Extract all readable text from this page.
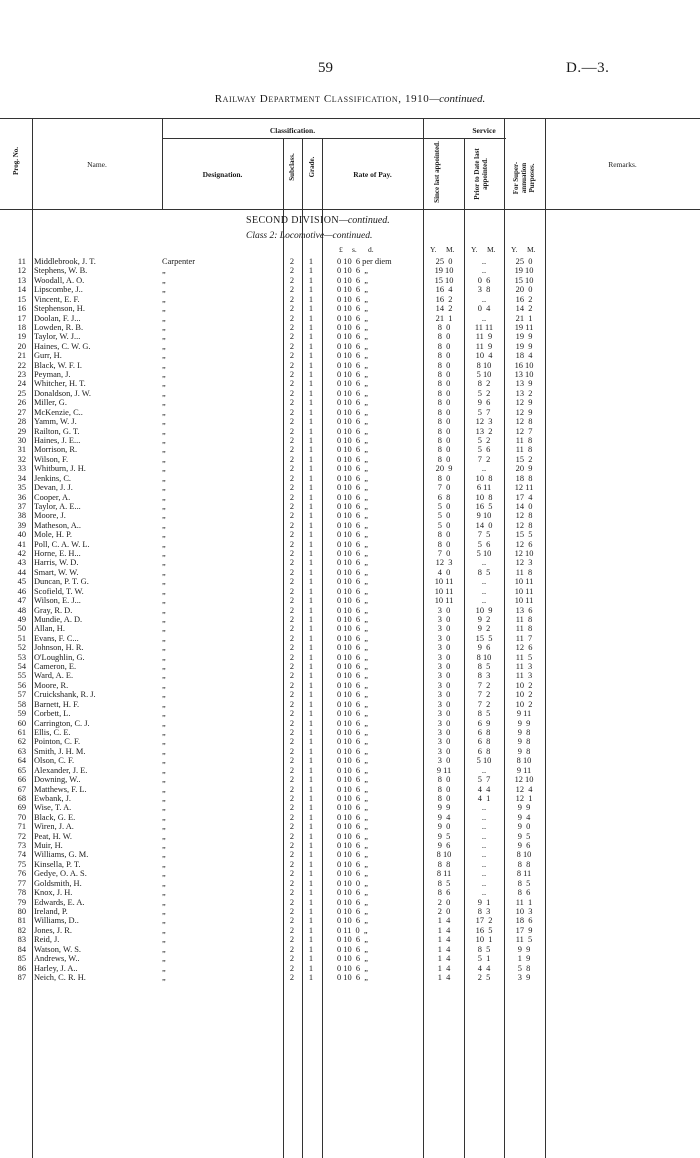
59	D.—3.
Railway Department Classification, 1910—continued.
Prog. No.	Name.
Classification.
Designation.	Subclass. Grade.	Rate of Pay.
Service
Since last appointed.	Prior to Date last appointed.	For Super-annuation Purposes.	Remarks.
SECOND DIVISION—continued.
Class 2: Locomotive—continued.
£ s. d.	Y. M. Y. M. Y. M.
11 Middlebrook, J. T.	Carpenter	2	1	0 10  6 per diem	25  0	..	25  0
12 Stephens, W. B.	„	2	1	0 10  6  „	19 10	..	19 10
13 Woodall, A. O.	„	2	1	0 10  6  „	15 10	0  6	15 10
14 Lipscombe, J..	„	2	1	0 10  6  „	16  4	3  8	20  0
15 Vincent, E. F.	„	2	1	0 10  6  „	16  2	..	16  2
16 Stephenson, H.	„	2	1	0 10  6  „	14  2	0  4	14  2
17 Doolan, F. J...	„	2	1	0 10  6  „	21  1	..	21  1
18 Lowden, R. B.	„	2	1	0 10  6  „	8  0	11 11	19 11
19 Taylor, W. J...	„	2	1	0 10  6  „	8  0	11  9	19  9
20 Haines, C. W. G.	„	2	1	0 10  6  „	8  0	11  9	19  9
21 Gurr, H.	„	2	1	0 10  6  „	8  0	10  4	18  4
22 Black, W. F. I.	„	2	1	0 10  6  „	8  0	8 10	16 10
23 Peyman, J.	„	2	1	0 10  6  „	8  0	5 10	13 10
24 Whitcher, H. T.	„	2	1	0 10  6  „	8  0	8  2	13  9
25 Donaldson, J. W.	„	2	1	0 10  6  „	8  0	5  2	13  2
26 Miller, G.	„	2	1	0 10  6  „	8  0	9  6	12  9
27 McKenzie, C..	„	2	1	0 10  6  „	8  0	5  7	12  9
28 Yamm, W. J.	„	2	1	0 10  6  „	8  0	12  3	12  8
29 Railton, G. T.	„	2	1	0 10  6  „	8  0	13  2	12  7
30 Haines, J. E...	„	2	1	0 10  6  „	8  0	5  2	11  8
31 Morrison, R.	„	2	1	0 10  6  „	8  0	5  6	11  8
32 Wilson, F.	„	2	1	0 10  6  „	8  0	7  2	15  2
33 Whitburn, J. H.	„	2	1	0 10  6  „	20  9	..	20  9
34 Jenkins, C.	„	2	1	0 10  6  „	8  0	10  8	18  8
35 Devan, J. J.	„	2	1	0 10  6  „	7  0	6 11	12 11
36 Cooper, A.	„	2	1	0 10  6  „	6  8	10  8	17  4
37 Taylor, A. E...	„	2	1	0 10  6  „	5  0	16  5	14  0
38 Moore, J.	„	2	1	0 10  6  „	5  0	9 10	12  8
39 Matheson, A..	„	2	1	0 10  6  „	5  0	14  0	12  8
40 Mole, H. P.	„	2	1	0 10  6  „	8  0	7  5	15  5
41 Poll, C. A. W. L.	„	2	1	0 10  6  „	8  0	5  6	12  6
42 Horne, E. H...	„	2	1	0 10  6  „	7  0	5 10	12 10
43 Harris, W. D.	„	2	1	0 10  6  „	12  3	..	12  3
44 Smart, W. W.	„	2	1	0 10  6  „	4  0	8  5	11  8
45 Duncan, P. T. G.	„	2	1	0 10  6  „	10 11	..	10 11
46 Scofield, T. W.	„	2	1	0 10  6  „	10 11	..	10 11
47 Wilson, E. J...	„	2	1	0 10  6  „	10 11	..	10 11
48 Gray, R. D.	„	2	1	0 10  6  „	3  0	10  9	13  6
49 Mundie, A. D.	„	2	1	0 10  6  „	3  0	9  2	11  8
50 Allan, H.	„	2	1	0 10  6  „	3  0	9  2	11  8
51 Evans, F. C...	„	2	1	0 10  6  „	3  0	15  5	11  7
52 Johnson, H. R.	„	2	1	0 10  6  „	3  0	9  6	12  6
53 O'Loughlin, G.	„	2	1	0 10  6  „	3  0	8 10	11  5
54 Cameron, E.	„	2	1	0 10  6  „	3  0	8  5	11  3
55 Ward, A. E.	„	2	1	0 10  6  „	3  0	8  3	11  3
56 Moore, R.	„	2	1	0 10  6  „	3  0	7  2	10  2
57 Cruickshank, R. J.	„	2	1	0 10  6  „	3  0	7  2	10  2
58 Barnett, H. F.	„	2	1	0 10  6  „	3  0	7  2	10  2
59 Corbett, L.	„	2	1	0 10  6  „	3  0	8  5	9 11
60 Carrington, C. J.	„	2	1	0 10  6  „	3  0	6  9	9  9
61 Ellis, C. E.	„	2	1	0 10  6  „	3  0	6  8	9  8
62 Pointon, C. F.	„	2	1	0 10  6  „	3  0	6  8	9  8
63 Smith, J. H. M.	„	2	1	0 10  6  „	3  0	6  8	9  8
64 Olson, C. F.	„	2	1	0 10  6  „	3  0	5 10	8 10
65 Alexander, J. E.	„	2	1	0 10  6  „	9 11	..	9 11
66 Downing, W..	„	2	1	0 10  6  „	8  0	5  7	12 10
67 Matthews, F. L.	„	2	1	0 10  6  „	8  0	4  4	12  4
68 Ewbank, J.	„	2	1	0 10  6  „	8  0	4  1	12  1
69 Wise, T. A.	„	2	1	0 10  6  „	9  9	..	9  9
70 Black, G. E.	„	2	1	0 10  6  „	9  4	..	9  4
71 Wiren, J. A.	„	2	1	0 10  6  „	9  0	..	9  0
72 Peat, H. W.	„	2	1	0 10  6  „	9  5	..	9  5
73 Muir, H.	„	2	1	0 10  6  „	9  6	..	9  6
74 Williams, G. M.	„	2	1	0 10  6  „	8 10	..	8 10
75 Kinsella, P. T.	„	2	1	0 10  6  „	8  8	..	8  8
76 Gedye, O. A. S.	„	2	1	0 10  6  „	8 11	..	8 11
77 Goldsmith, H.	„	2	1	0 10  0  „	8  5	..	8  5
78 Knox, J. H.	„	2	1	0 10  6  „	8  6	..	8  6
79 Edwards, E. A.	„	2	1	0 10  6  „	2  0	9  1	11  1
80 Ireland, P.	„	2	1	0 10  6  „	2  0	8  3	10  3
81 Williams, D..	„	2	1	0 10  6  „	1  4	17  2	18  6
82 Jones, J. R.	„	2	1	0 11  0  „	1  4	16  5	17  9
83 Reid, J.	„	2	1	0 10  6  „	1  4	10  1	11  5
84 Watson, W. S.	„	2	1	0 10  6  „	1  4	8  5	9  9
85 Andrews, W..	„	2	1	0 10  6  „	1  4	5  1	1  9
86 Harley, J. A..	„	2	1	0 10  6  „	1  4	4  4	5  8
87 Neich, C. R. H.	„	2	1	0 10  6  „	1  4	2  5	3  9
